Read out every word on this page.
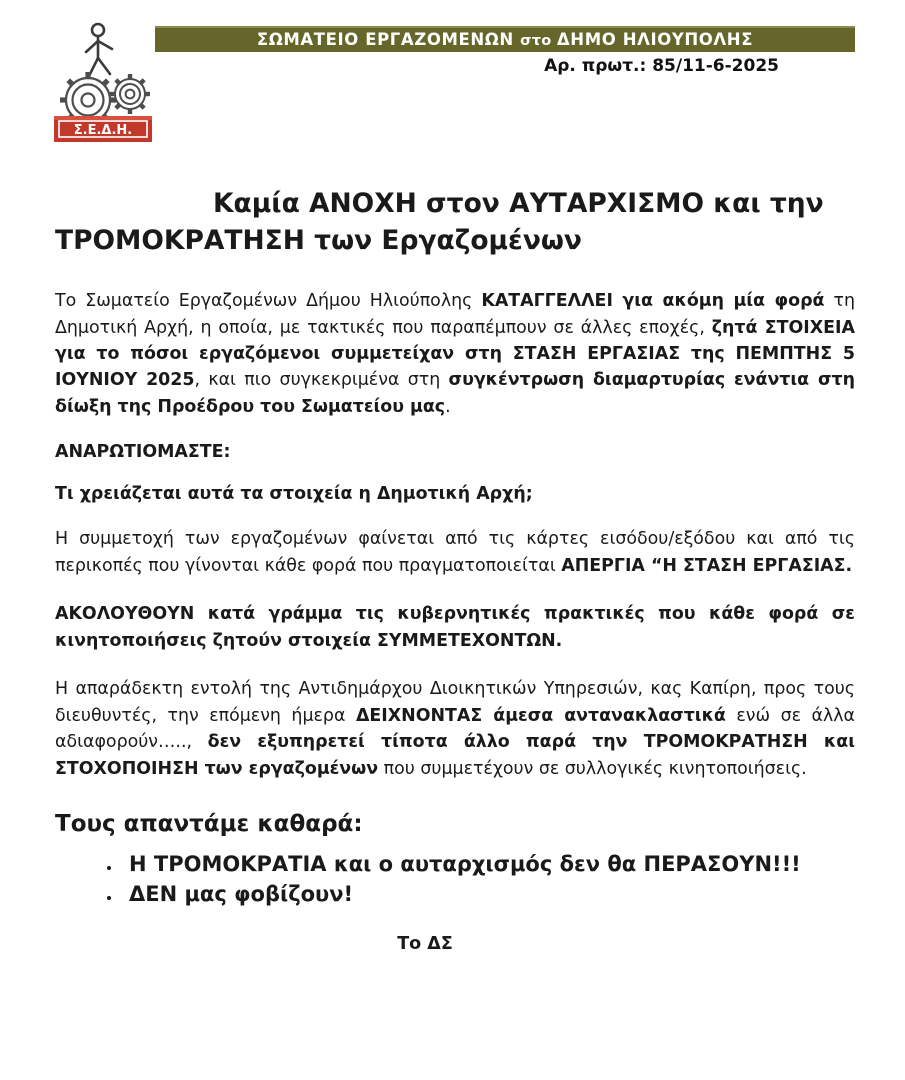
Σ.Ε.Δ.Η.
ΣΩΜΑΤΕΙΟ ΕΡΓΑΖΟΜΕΝΩΝ στο ΔΗΜΟ ΗΛΙΟΥΠΟΛΗΣ
Αρ. πρωτ.: 85/11-6-2025
Καμία ΑΝΟΧΗ στον ΑΥΤΑΡΧΙΣΜΟ και την
ΤΡΟΜΟΚΡΑΤΗΣΗ των Εργαζομένων

Το Σωματείο Εργαζομένων Δήμου Ηλιούπολης ΚΑΤΑΓΓΕΛΛΕΙ για ακόμη μία φορά τη Δημοτική Αρχή, η οποία, με τακτικές που παραπέμπουν σε άλλες εποχές, ζητά ΣΤΟΙΧΕΙΑ για το πόσοι εργαζόμενοι συμμετείχαν στη ΣΤΑΣΗ ΕΡΓΑΣΙΑΣ της ΠΕΜΠΤΗΣ 5 ΙΟΥΝΙΟΥ 2025, και πιο συγκεκριμένα στη συγκέντρωση διαμαρτυρίας ενάντια στη δίωξη της Προέδρου του Σωματείου μας.

ΑΝΑΡΩΤΙΟΜΑΣΤΕ:

Τι χρειάζεται αυτά τα στοιχεία η Δημοτική Αρχή;

Η συμμετοχή των εργαζομένων φαίνεται από τις κάρτες εισόδου/εξόδου και από τις περικοπές που γίνονται κάθε φορά που πραγματοποιείται ΑΠΕΡΓΙΑ “Η ΣΤΑΣΗ ΕΡΓΑΣΙΑΣ.

ΑΚΟΛΟΥΘΟΥΝ κατά γράμμα τις κυβερνητικές πρακτικές που κάθε φορά σε κινητοποιήσεις ζητούν στοιχεία ΣΥΜΜΕΤΕΧΟΝΤΩΝ.

Η απαράδεκτη εντολή της Αντιδημάρχου Διοικητικών Υπηρεσιών, κας Καπίρη, προς τους διευθυντές, την επόμενη ήμερα ΔΕΙΧΝΟΝΤΑΣ άμεσα αντανακλαστικά ενώ σε άλλα αδιαφορούν….., δεν εξυπηρετεί τίποτα άλλο παρά την ΤΡΟΜΟΚΡΑΤΗΣΗ και ΣΤΟΧΟΠΟΙΗΣΗ των εργαζομένων που συμμετέχουν σε συλλογικές κινητοποιήσεις.

Τους απαντάμε καθαρά:

Η ΤΡΟΜΟΚΡΑΤΙΑ και ο αυταρχισμός δεν θα ΠΕΡΑΣΟΥΝ!!!
ΔΕΝ μας φοβίζουν!
Το ΔΣ
